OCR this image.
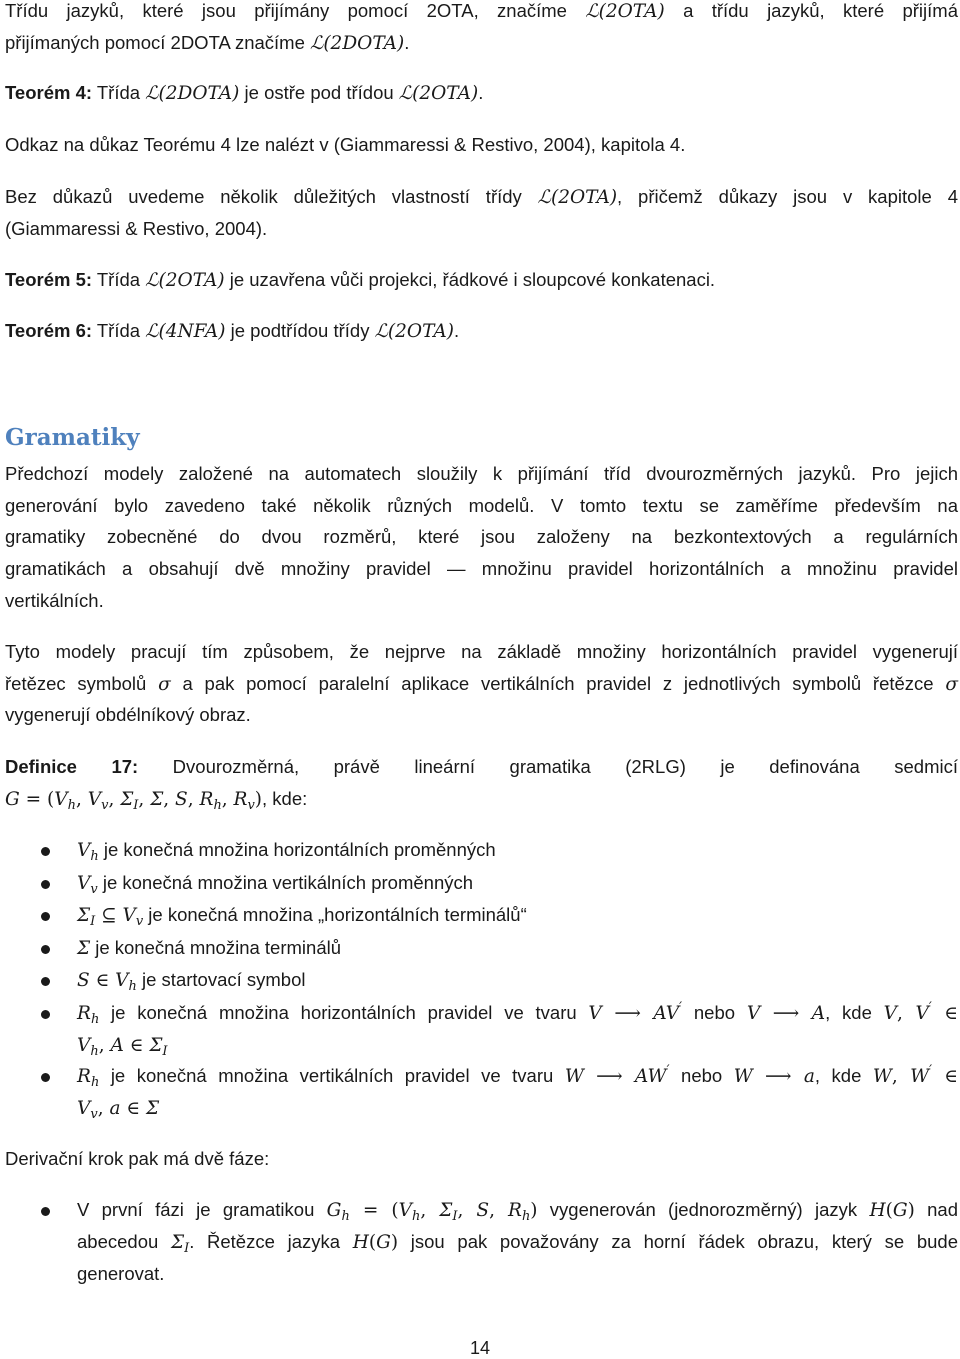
Třídu jazyků, které jsou přijímány pomocí 2OTA, značíme ℒ(2OTA) a třídu jazyků, které přijímá
přijímaných pomocí 2DOTA značíme ℒ(2DOTA).
Teorém 4: Třída ℒ(2DOTA) je ostře pod třídou ℒ(2OTA).
Odkaz na důkaz Teorému 4 lze nalézt v (Giammaressi & Restivo, 2004), kapitola 4.
Bez důkazů uvedeme několik důležitých vlastností třídy ℒ(2OTA), přičemž důkazy jsou v kapitole 4
(Giammaressi & Restivo, 2004).
Teorém 5: Třída ℒ(2OTA) je uzavřena vůči projekci, řádkové i sloupcové konkatenaci.
Teorém 6: Třída ℒ(4NFA) je podtřídou třídy ℒ(2OTA).
Gramatiky
Předchozí modely založené na automatech sloužily k přijímání tříd dvourozměrných jazyků. Pro jejich
generování bylo zavedeno také několik různých modelů. V tomto textu se zaměříme především na
gramatiky zobecněné do dvou rozměrů, které jsou založeny na bezkontextových a regulárních
gramatikách a obsahují dvě množiny pravidel — množinu pravidel horizontálních a množinu pravidel
vertikálních.
Tyto modely pracují tím způsobem, že nejprve na základě množiny horizontálních pravidel vygenerují
řetězec symbolů σ a pak pomocí paralelní aplikace vertikálních pravidel z jednotlivých symbolů řetězce σ
vygenerují obdélníkový obraz.
Definice 17: Dvourozměrná, právě lineární gramatika (2RLG) je definována sedmicí
$G = (V_h$, $V_v$, $\Sigma_I$, Σ, S, $R_h$, $R_v$), kde:
$V_h$ je konečná množina horizontálních proměnných
$V_v$ je konečná množina vertikálních proměnných
$\Sigma_I$ ⊆ $V_v$ je konečná množina „horizontálních terminálů“
Σ je konečná množina terminálů
S ∈ $V_h$ je startovací symbol
$R_h$ je konečná množina horizontálních pravidel ve tvaru V ⟶ AV′ nebo V ⟶ A, kde V, V′ ∈
$V_h$, A ∈ $\Sigma_I$
$R_h$ je konečná množina vertikálních pravidel ve tvaru W ⟶ AW′ nebo W ⟶ a, kde W, W′ ∈
$V_v$, a ∈ Σ
Derivační krok pak má dvě fáze:
V první fázi je gramatikou $G_h = (V_h$, $\Sigma_I$, S, $R_h$) vygenerován (jednorozměrný) jazyk H(G) nad
abecedou $\Sigma_I$. Řetězce jazyka H(G) jsou pak považovány za horní řádek obrazu, který se bude
generovat.
14
